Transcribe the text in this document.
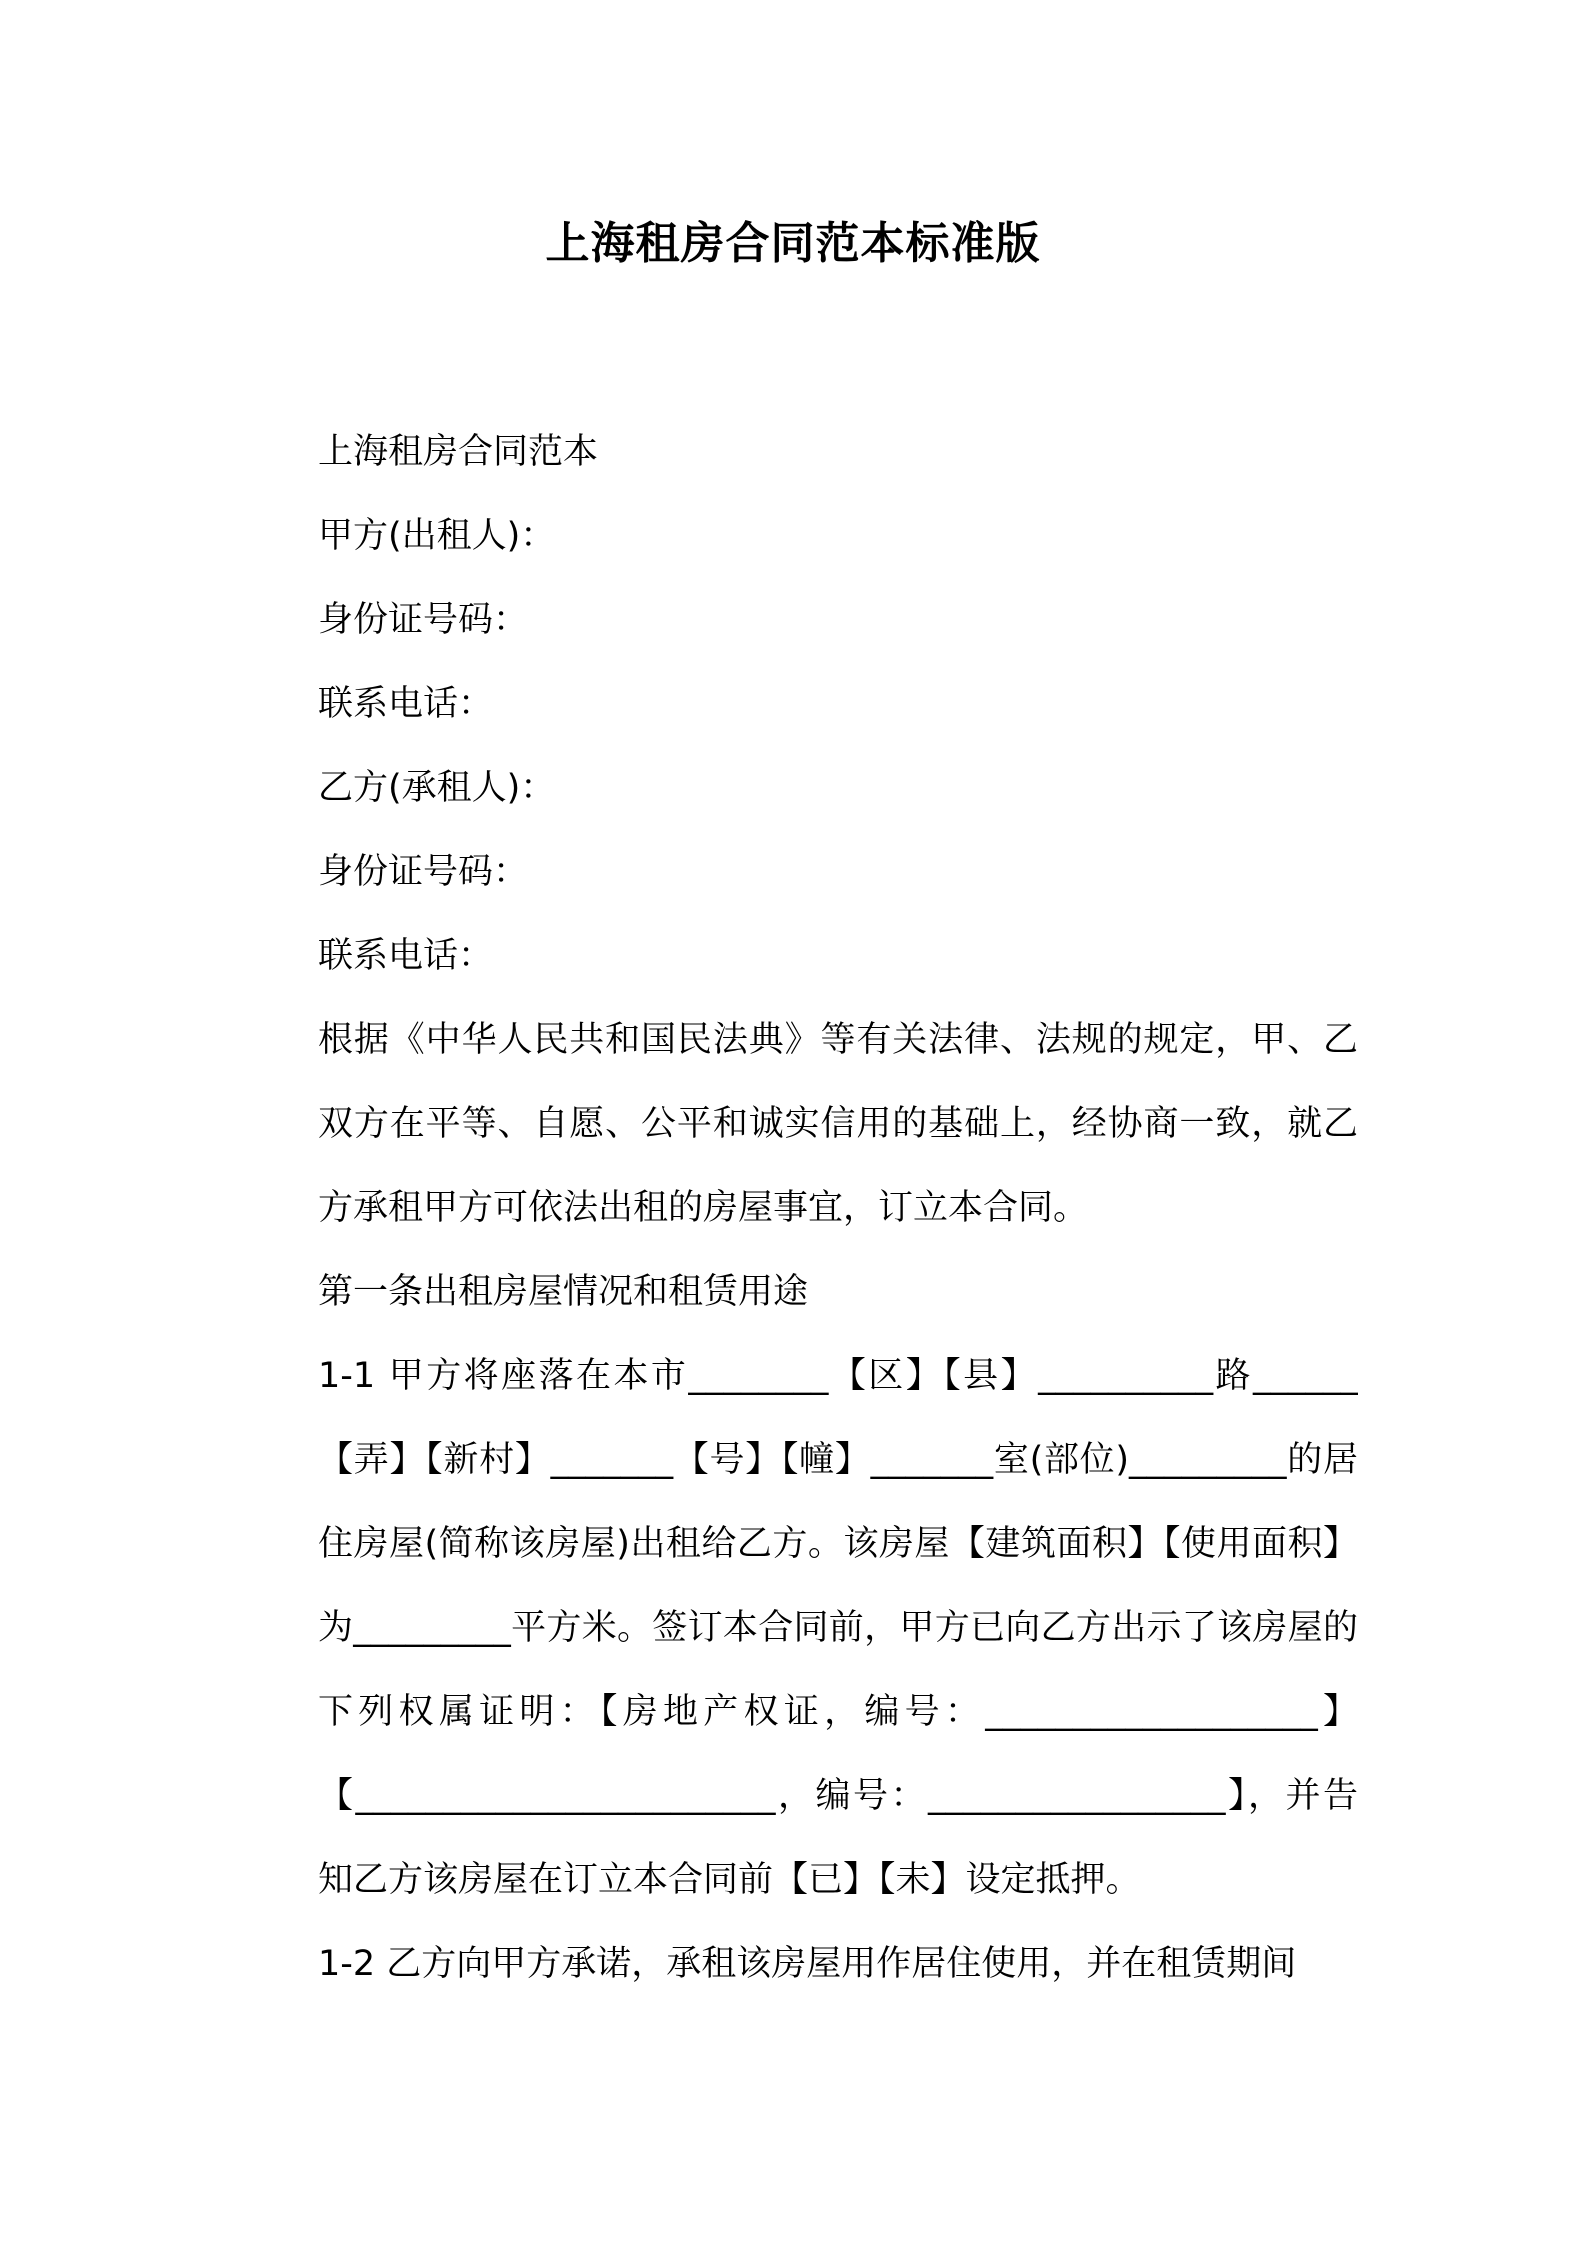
上海租房合同范本标准版

上海租房合同范本

甲方(出租人)：

身份证号码：

联系电话：

乙方(承租人)：

身份证号码：

联系电话：

根据《中华人民共和国民法典》等有关法律、法规的规定，甲、乙双方在平等、自愿、公平和诚实信用的基础上，经协商一致，就乙方承租甲方可依法出租的房屋事宜，订立本合同。

第一条出租房屋情况和租赁用途

1-1 甲方将座落在本市________【区】【县】__________路______【弄】【新村】_______【号】【幢】_______室(部位)_________的居住房屋(简称该房屋)出租给乙方。该房屋【建筑面积】【使用面积】为_________平方米。签订本合同前，甲方已向乙方出示了该房屋的下列权属证明：【房地产权证，编号：___________________】【________________________，编号：_________________】，并告知乙方该房屋在订立本合同前【已】【未】设定抵押。

1-2 乙方向甲方承诺，承租该房屋用作居住使用，并在租赁期间
